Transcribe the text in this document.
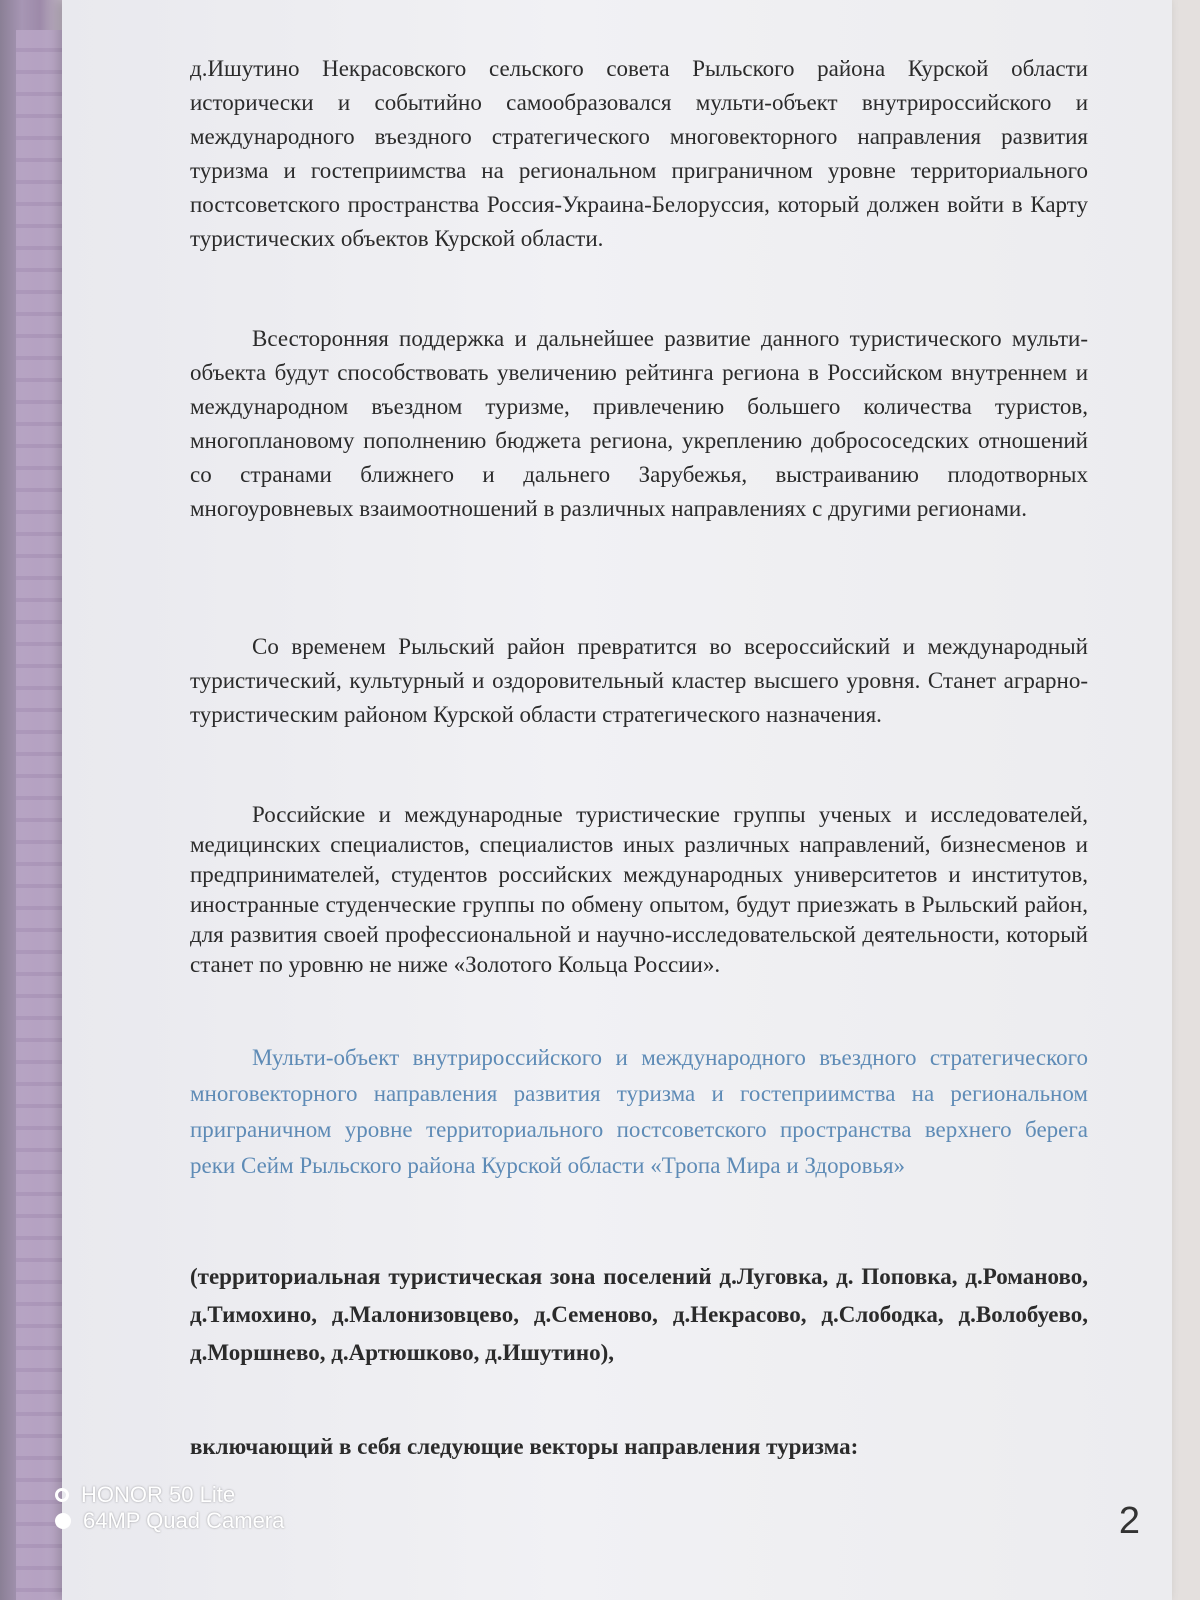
д.Ишутино Некрасовского сельского совета Рыльского района Курской области исторически и событийно самообразовался мульти-объект внутрироссийского и международного въездного стратегического многовекторного направления развития туризма и гостеприимства на региональном приграничном уровне территориального постсоветского пространства Россия-Украина-Белоруссия, который должен войти в Карту туристических объектов Курской области.

Всесторонняя поддержка и дальнейшее развитие данного туристического мульти-объекта будут способствовать увеличению рейтинга региона в Российском внутреннем и международном въездном туризме, привлечению большего количества туристов, многоплановому пополнению бюджета региона, укреплению добрососедских отношений со странами ближнего и дальнего Зарубежья, выстраиванию плодотворных многоуровневых взаимоотношений в различных направлениях с другими регионами.

Со временем Рыльский район превратится во всероссийский и международный туристический, культурный и оздоровительный кластер высшего уровня. Станет аграрно-туристическим районом Курской области стратегического назначения.

Российские и международные туристические группы ученых и исследователей, медицинских специалистов, специалистов иных различных направлений, бизнесменов и предпринимателей, студентов российских международных университетов и институтов, иностранные студенческие группы по обмену опытом, будут приезжать в Рыльский район, для развития своей профессиональной и научно-исследовательской деятельности, который станет по уровню не ниже «Золотого Кольца России».

Мульти-объект внутрироссийского и международного въездного стратегического многовекторного направления развития туризма и гостеприимства на региональном приграничном уровне территориального постсоветского пространства верхнего берега реки Сейм Рыльского района Курской области «Тропа Мира и Здоровья»

(территориальная туристическая зона поселений д.Луговка, д. Поповка, д.Романово, д.Тимохино, д.Малонизовцево, д.Семеново, д.Некрасово, д.Слободка, д.Волобуево, д.Моршнево, д.Артюшково, д.Ишутино),

включающий в себя следующие векторы направления туризма:

2
HONOR 50 Lite
64MP Quad Camera
